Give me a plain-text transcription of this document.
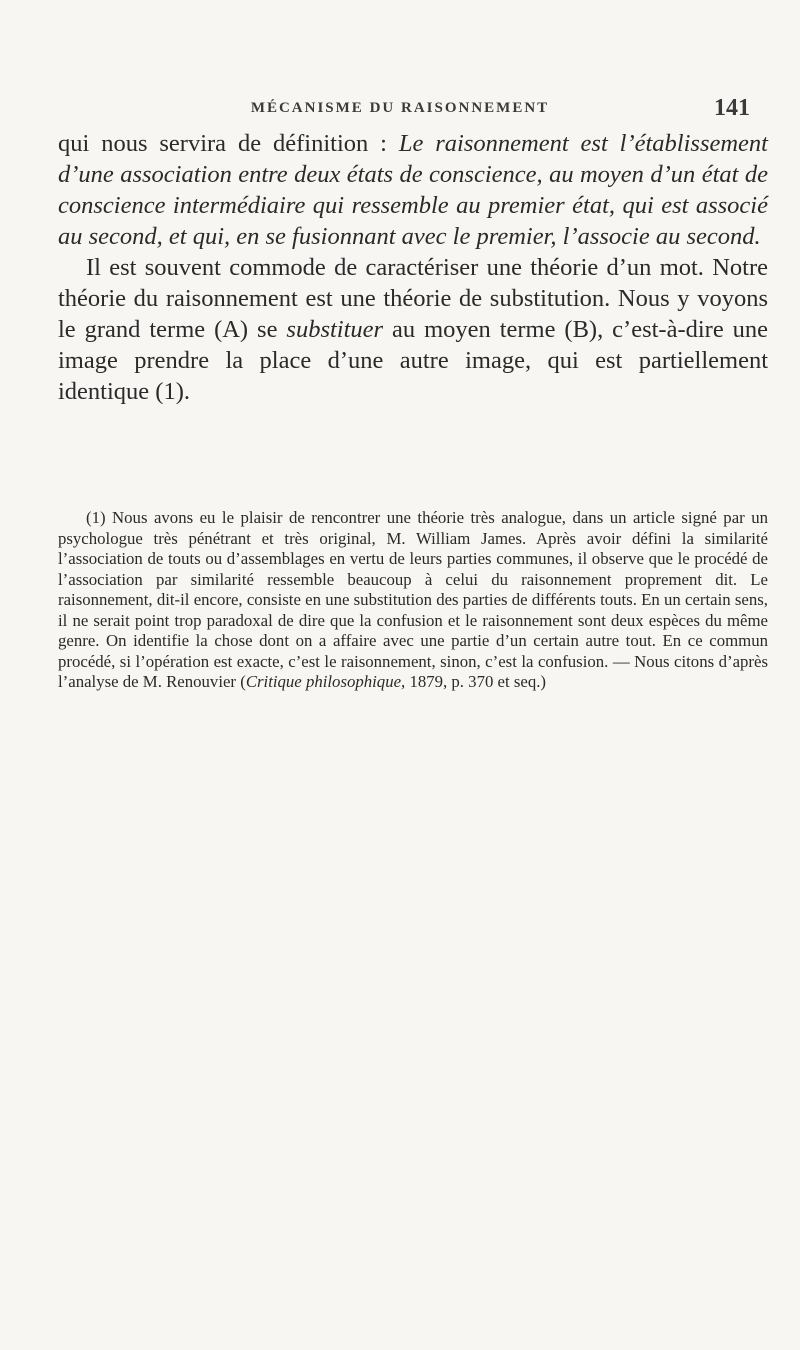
MÉCANISME DU RAISONNEMENT	141

qui nous servira de définition : Le raisonnement est l’établissement d’une association entre deux états de conscience, au moyen d’un état de conscience intermédiaire qui ressemble au premier état, qui est associé au second, et qui, en se fusionnant avec le premier, l’associe au second.

Il est souvent commode de caractériser une théorie d’un mot. Notre théorie du raisonnement est une théorie de substitution. Nous y voyons le grand terme (A) se substituer au moyen terme (B), c’est-à-dire une image prendre la place d’une autre image, qui est partiellement identique (1).

(1) Nous avons eu le plaisir de rencontrer une théorie très analogue, dans un article signé par un psychologue très pénétrant et très original, M. William James. Après avoir défini la similarité l’association de touts ou d’assemblages en vertu de leurs parties communes, il observe que le procédé de l’association par similarité ressemble beaucoup à celui du raisonnement proprement dit. Le raisonnement, dit-il encore, consiste en une substitution des parties de différents touts. En un certain sens, il ne serait point trop paradoxal de dire que la confusion et le raisonnement sont deux espèces du même genre. On identifie la chose dont on a affaire avec une partie d’un certain autre tout. En ce commun procédé, si l’opération est exacte, c’est le raisonnement, sinon, c’est la confusion. — Nous citons d’après l’analyse de M. Renouvier (Critique philosophique, 1879, p. 370 et seq.)
